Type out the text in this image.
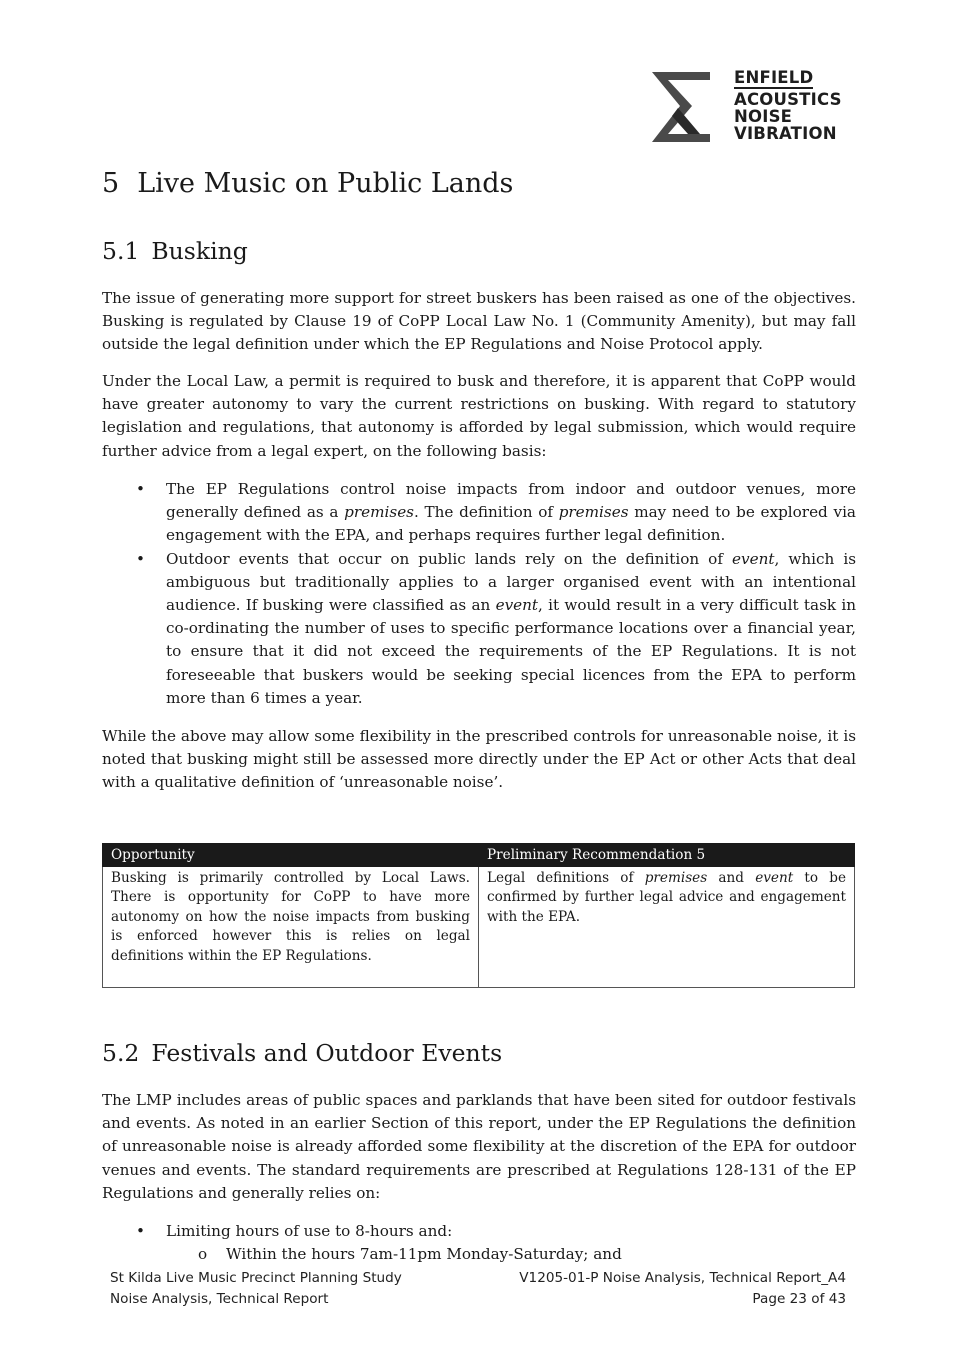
ENFIELD
ACOUSTICS
NOISE
VIBRATION
5 Live Music on Public Lands
5.1 Busking

The issue of generating more support for street buskers has been raised as one of the objectives. Busking is regulated by Clause 19 of CoPP Local Law No. 1 (Community Amenity), but may fall outside the legal definition under which the EP Regulations and Noise Protocol apply.

Under the Local Law, a permit is required to busk and therefore, it is apparent that CoPP would have greater autonomy to vary the current restrictions on busking. With regard to statutory legislation and regulations, that autonomy is afforded by legal submission, which would require further advice from a legal expert, on the following basis:

• The EP Regulations control noise impacts from indoor and outdoor venues, more generally defined as a premises. The definition of premises may need to be explored via engagement with the EPA, and perhaps requires further legal definition.
• Outdoor events that occur on public lands rely on the definition of event, which is ambiguous but traditionally applies to a larger organised event with an intentional audience. If busking were classified as an event, it would result in a very difficult task in co-ordinating the number of uses to specific performance locations over a financial year, to ensure that it did not exceed the requirements of the EP Regulations. It is not foreseeable that buskers would be seeking special licences from the EPA to perform more than 6 times a year.

While the above may allow some flexibility in the prescribed controls for unreasonable noise, it is noted that busking might still be assessed more directly under the EP Act or other Acts that deal with a qualitative definition of ‘unreasonable noise’.

Opportunity	Preliminary Recommendation 5
Busking is primarily controlled by Local Laws. There is opportunity for CoPP to have more autonomy on how the noise impacts from busking is enforced however this is relies on legal definitions within the EP Regulations.	Legal definitions of premises and event to be confirmed by further legal advice and engagement with the EPA.
5.2 Festivals and Outdoor Events

The LMP includes areas of public spaces and parklands that have been sited for outdoor festivals and events. As noted in an earlier Section of this report, under the EP Regulations the definition of unreasonable noise is already afforded some flexibility at the discretion of the EPA for outdoor venues and events. The standard requirements are prescribed at Regulations 128-131 of the EP Regulations and generally relies on:

• Limiting hours of use to 8-hours and:
o Within the hours 7am-11pm Monday-Saturday; and
St Kilda Live Music Precinct Planning Study
Noise Analysis, Technical Report
V1205-01-P Noise Analysis, Technical Report_A4
Page 23 of 43
